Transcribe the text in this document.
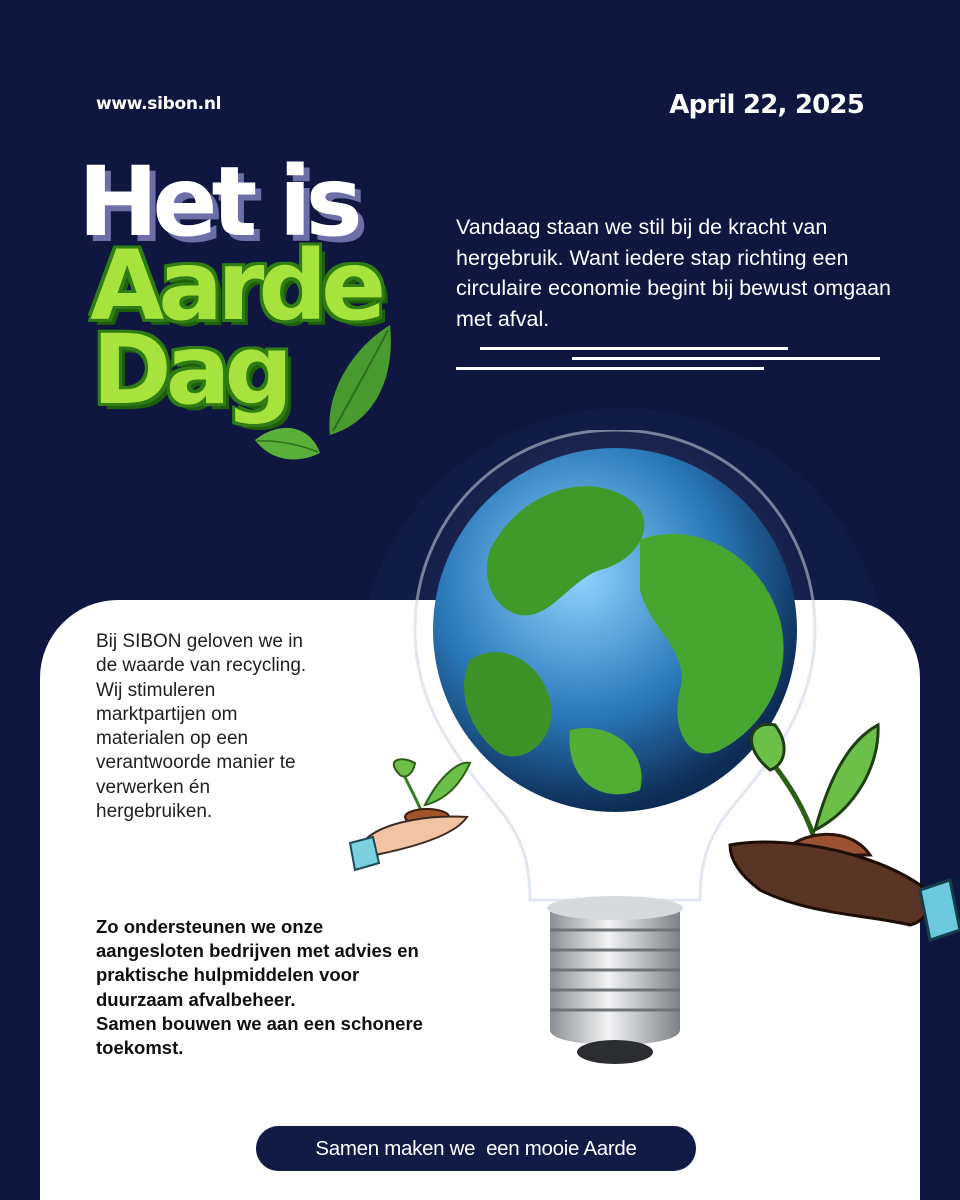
www.sibon.nl	April 22, 2025
Het is
Aarde
Dag
Vandaag staan we stil bij de kracht van hergebruik. Want iedere stap richting een circulaire economie begint bij bewust omgaan met afval.
Bij SIBON geloven we in de waarde van recycling. Wij stimuleren marktpartijen om materialen op een verantwoorde manier te verwerken én hergebruiken.
Zo ondersteunen we onze aangesloten bedrijven met advies en praktische hulpmiddelen voor duurzaam afvalbeheer.
Samen bouwen we aan een schonere toekomst.
Samen maken we  een mooie Aarde
